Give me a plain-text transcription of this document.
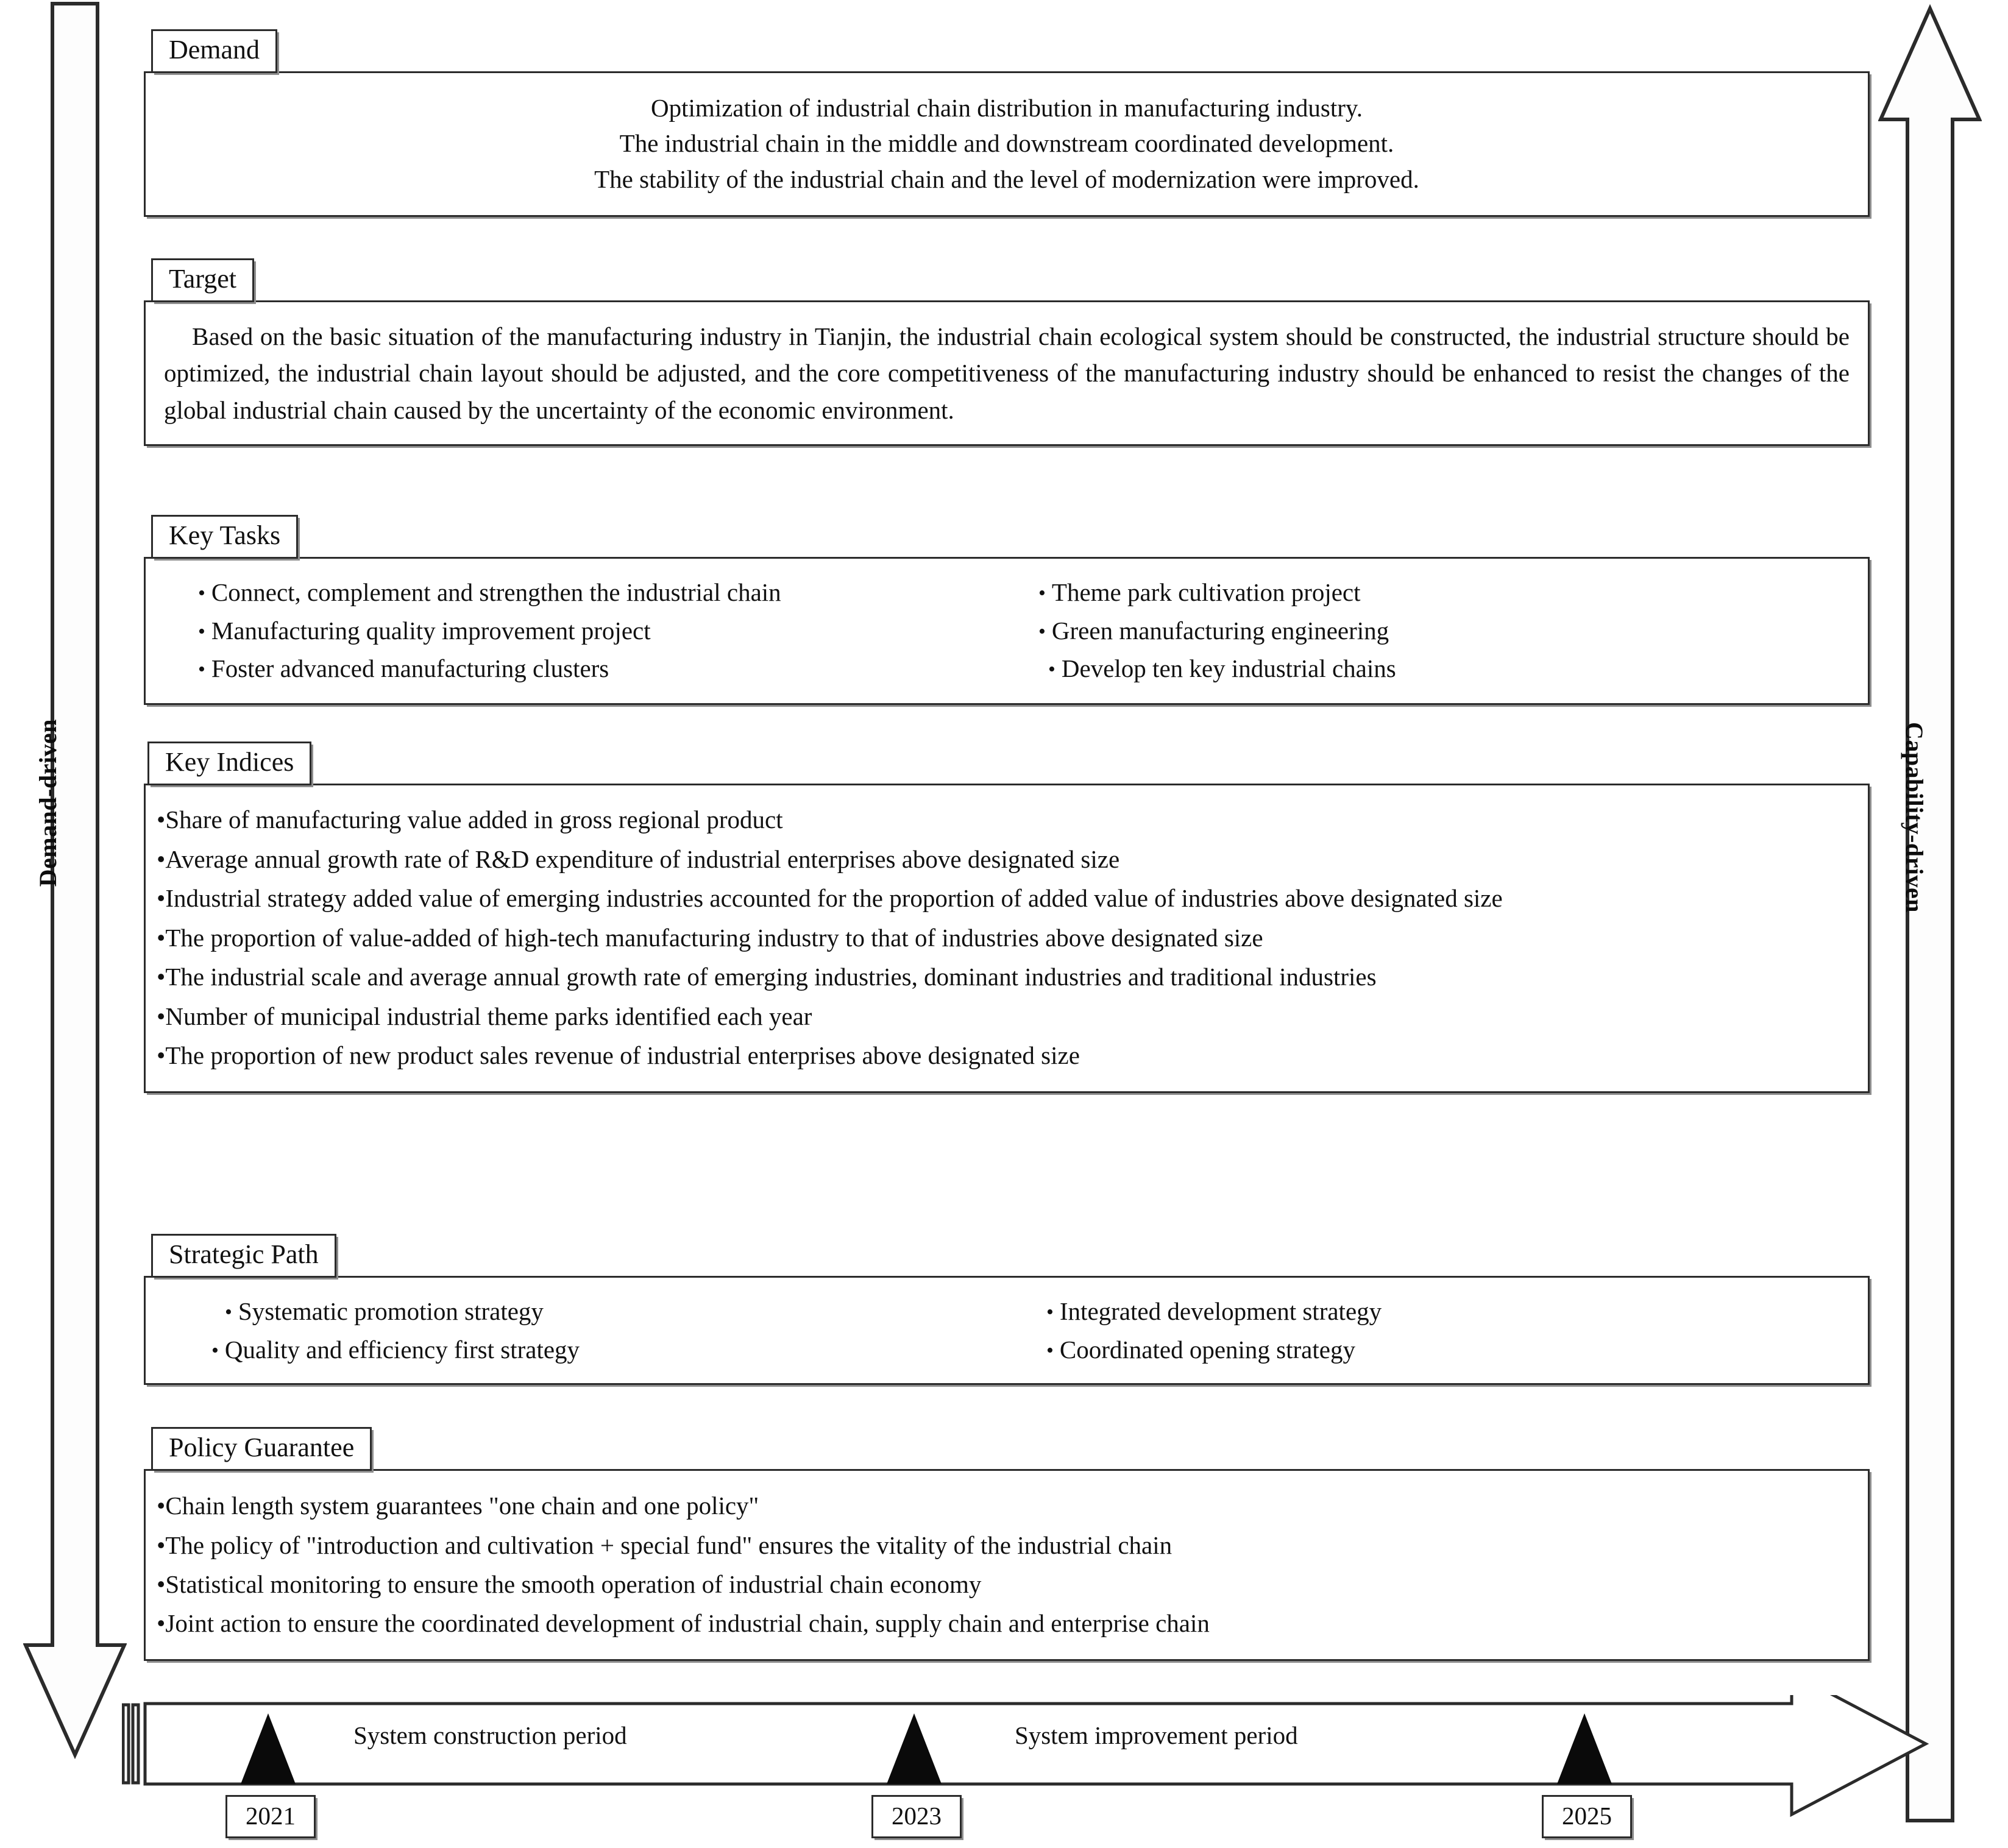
Demand-driven	Capability-driven
Demand
Optimization of industrial chain distribution in manufacturing industry.
The industrial chain in the middle and downstream coordinated development.
The stability of the industrial chain and the level of modernization were improved.
Target

Based on the basic situation of the manufacturing industry in Tianjin, the industrial chain ecological system should be constructed, the industrial structure should be optimized, the industrial chain layout should be adjusted, and the core competitiveness of the manufacturing industry should be enhanced to resist the changes of the global industrial chain caused by the uncertainty of the economic environment.

Key Tasks
• Connect, complement and strengthen the industrial chain
• Manufacturing quality improvement project
• Foster advanced manufacturing clusters
• Theme park cultivation project
• Green manufacturing engineering
• Develop ten key industrial chains
Key Indices
•Share of manufacturing value added in gross regional product
•Average annual growth rate of R&D expenditure of industrial enterprises above designated size
•Industrial strategy added value of emerging industries accounted for the proportion of added value of industries above designated size
•The proportion of value-added of high-tech manufacturing industry to that of industries above designated size
•The industrial scale and average annual growth rate of emerging industries, dominant industries and traditional industries
•Number of municipal industrial theme parks identified each year
•The proportion of new product sales revenue of industrial enterprises above designated size
Strategic Path
• Systematic promotion strategy
• Quality and efficiency first strategy
• Integrated development strategy
• Coordinated opening strategy
Policy Guarantee
•Chain length system guarantees "one chain and one policy"
•The policy of "introduction and cultivation + special fund" ensures the vitality of the industrial chain
•Statistical monitoring to ensure the smooth operation of industrial chain economy
•Joint action to ensure the coordinated development of industrial chain, supply chain and enterprise chain
System construction period	System improvement period
2021	2023	2025
